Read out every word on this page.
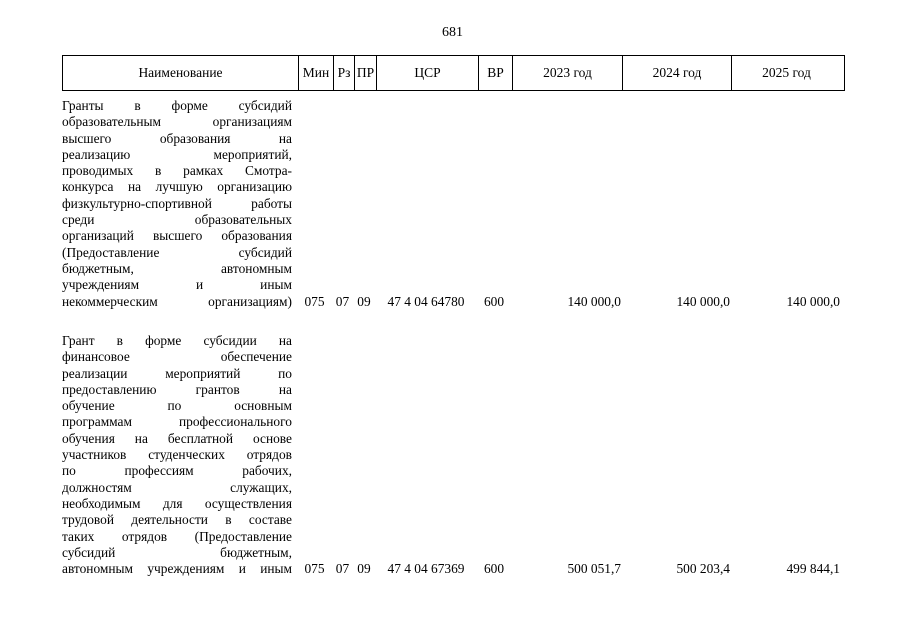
681
Наименование	Мин Рз ПР	ЦСР	ВР	2023 год	2024 год	2025 год
Гранты в форме субсидий
образовательным организациям
высшего образования на
реализацию мероприятий,
проводимых в рамках Смотра-
конкурса на лучшую организацию
физкультурно-спортивной работы
среди образовательных
организаций высшего образования
(Предоставление субсидий
бюджетным, автономным
учреждениям и иным
некоммерческим организациям) 075 07 09	47 4 04 64780	600	140 000,0	140 000,0	140 000,0
Грант в форме субсидии на
финансовое обеспечение
реализации мероприятий по
предоставлению грантов на
обучение по основным
программам профессионального
обучения на бесплатной основе
участников студенческих отрядов
по профессиям рабочих,
должностям служащих,
необходимым для осуществления
трудовой деятельности в составе
таких отрядов (Предоставление
субсидий бюджетным,
автономным учреждениям и иным 075 07 09	47 4 04 67369	600	500 051,7	500 203,4	499 844,1
